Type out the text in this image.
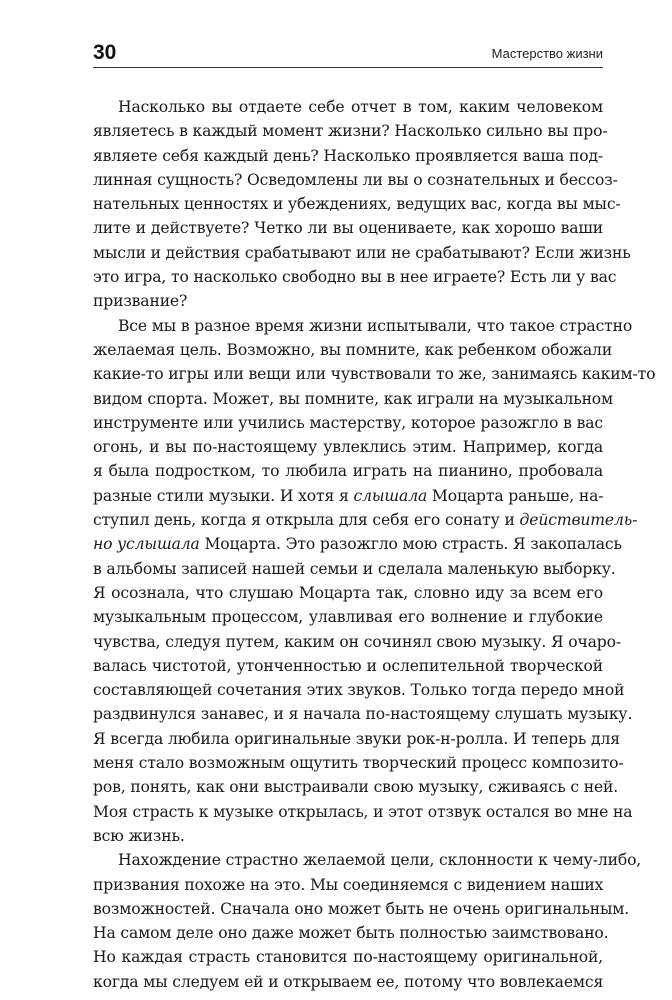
30	Мастерство жизни
Насколько вы отдаете себе отчет в том, каким человеком
являетесь в каждый момент жизни? Насколько сильно вы про-
являете себя каждый день? Насколько проявляется ваша под-
линная сущность? Осведомлены ли вы о сознательных и бессоз-
нательных ценностях и убеждениях, ведущих вас, когда вы мыс-
лите и действуете? Четко ли вы оцениваете, как хорошо ваши
мысли и действия срабатывают или не срабатывают? Если жизнь
это игра, то насколько свободно вы в нее играете? Есть ли у вас
призвание?
Все мы в разное время жизни испытывали, что такое страстно
желаемая цель. Возможно, вы помните, как ребенком обожали
какие-то игры или вещи или чувствовали то же, занимаясь каким-то
видом спорта. Может, вы помните, как играли на музыкальном
инструменте или учились мастерству, которое разожгло в вас
огонь, и вы по-настоящему увлеклись этим. Например, когда
я была подростком, то любила играть на пианино, пробовала
разные стили музыки. И хотя я слышала Моцарта раньше, на-
ступил день, когда я открыла для себя его сонату и действитель-
но услышала Моцарта. Это разожгло мою страсть. Я закопалась
в альбомы записей нашей семьи и сделала маленькую выборку.
Я осознала, что слушаю Моцарта так, словно иду за всем его
музыкальным процессом, улавливая его волнение и глубокие
чувства, следуя путем, каким он сочинял свою музыку. Я очаро-
валась чистотой, утонченностью и ослепительной творческой
составляющей сочетания этих звуков. Только тогда передо мной
раздвинулся занавес, и я начала по-настоящему слушать музыку.
Я всегда любила оригинальные звуки рок-н-ролла. И теперь для
меня стало возможным ощутить творческий процесс композито-
ров, понять, как они выстраивали свою музыку, сживаясь с ней.
Моя страсть к музыке открылась, и этот отзвук остался во мне на
всю жизнь.
Нахождение страстно желаемой цели, склонности к чему-либо,
призвания похоже на это. Мы соединяемся с видением наших
возможностей. Сначала оно может быть не очень оригинальным.
На самом деле оно даже может быть полностью заимствовано.
Но каждая страсть становится по-настоящему оригинальной,
когда мы следуем ей и открываем ее, потому что вовлекаемся
